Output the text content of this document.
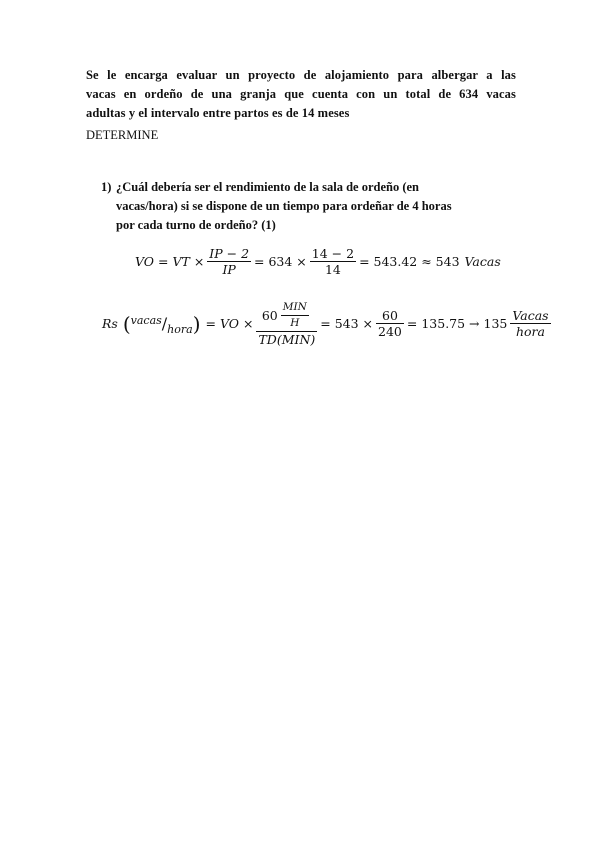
Se le encarga evaluar un proyecto de alojamiento para albergar a las
vacas en ordeño de una granja que cuenta con un total de 634 vacas
adultas y el intervalo entre partos es de 14 meses
DETERMINE
1) ¿Cuál debería ser el rendimiento de la sala de ordeño (en
vacas/hora) si se dispone de un tiempo para ordeñar de 4 horas
por cada turno de ordeño? (1)
VO = VT × $\frac{IP - 2}{IP} = 634 \times \frac{14 - 2}{14} = 543.42 \approx 543$ Vacas
Rs ( vacas / hora ) = VO × $\frac{60 \frac{\text{MIN}}{H}}{\text{TD(MIN)}} = 543 \times \frac{60}{240} = 135.75 \to 135 \frac{\text{Vacas}}{\text{hora}}$
